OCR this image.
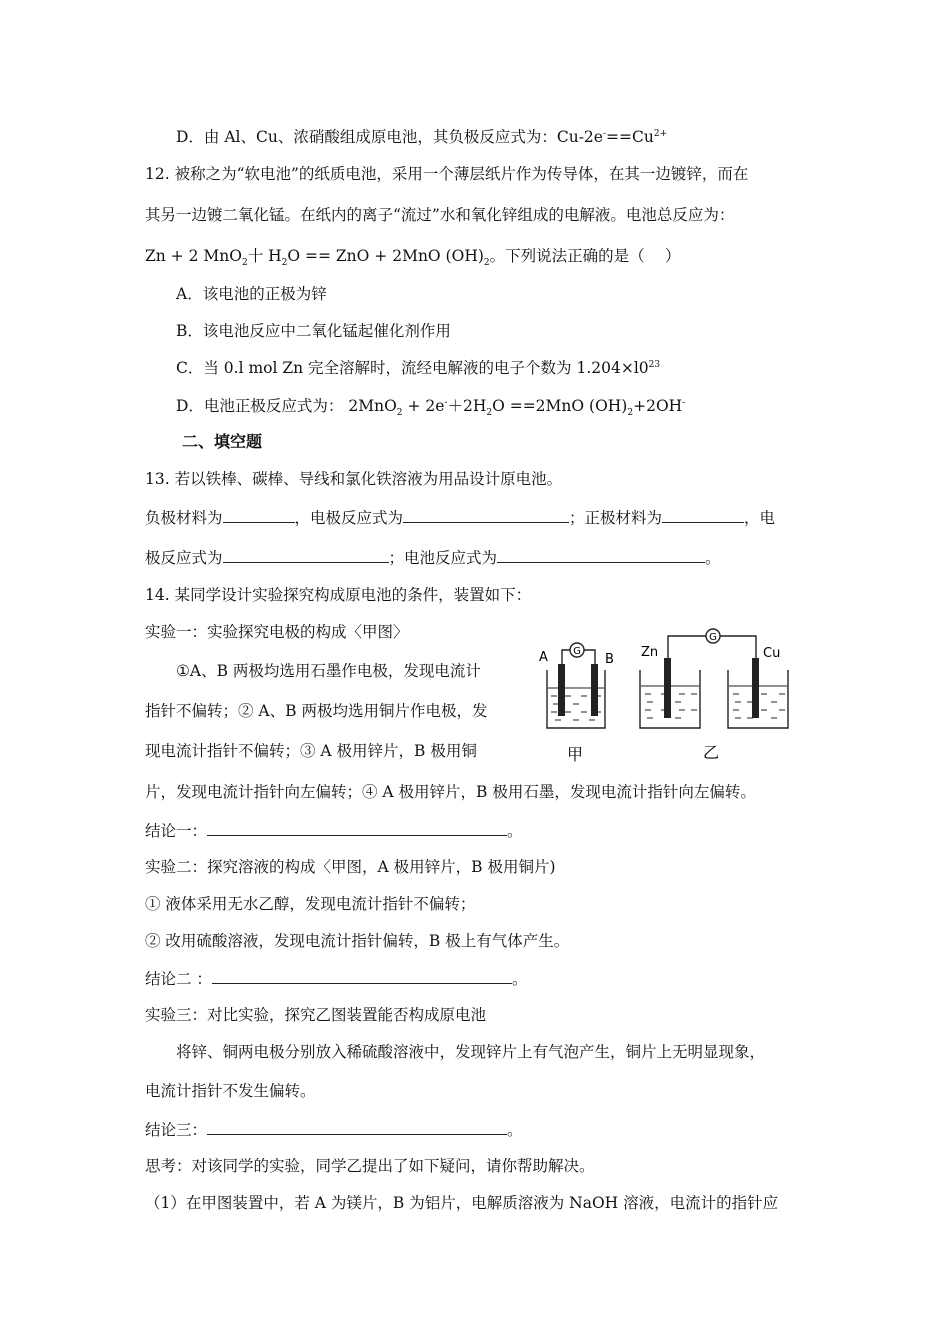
D．由 Al、Cu、浓硝酸组成原电池，其负极反应式为：$Cu-2e^-==Cu^{2+}$
12. 被称之为“软电池”的纸质电池，采用一个薄层纸片作为传导体，在其一边镀锌，而在
其另一边镀二氧化锰。在纸内的离子“流过”水和氧化锌组成的电解液。电池总反应为：
Zn + 2 MnO$_2$十 $H_2O$ == ZnO + 2MnO $(OH)_2$。下列说法正确的是（　 ）
A．该电池的正极为锌
B．该电池反应中二氧化锰起催化剂作用
C．当 0.l mol Zn 完全溶解时，流经电解液的电子个数为 $1.204\times l0^{23}$
D．电池正极反应式为： $2MnO_2 + 2e^-+2H_2O ==2MnO$ $(OH)_2+2OH^-$
二、填空题
13. 若以铁棒、碳棒、导线和氯化铁溶液为用品设计原电池。
负极材料为	，电极反应式为	；正极材料为	，电
极反应式为	；电池反应式为	。
14. 某同学设计实验探究构成原电池的条件，装置如下：
实验一：实验探究电极的构成〈甲图〉
①A、B 两极均选用石墨作电极，发现电流计
指针不偏转；② A、B 两极均选用铜片作电极，发
现电流计指针不偏转；③ A 极用锌片，B 极用铜
片，发现电流计指针向左偏转；④ A 极用锌片，B 极用石墨，发现电流计指针向左偏转。
结论一：	。
实验二：探究溶液的构成〈甲图，A 极用锌片，B 极用铜片)
① 液体采用无水乙醇，发现电流计指针不偏转；
② 改用硫酸溶液，发现电流计指针偏转，B 极上有气体产生。
结论二 ：	。
实验三：对比实验，探究乙图装置能否构成原电池
将锌、铜两电极分别放入稀硫酸溶液中，发现锌片上有气泡产生，铜片上无明显现象，
电流计指针不发生偏转。
结论三：	。
思考：对该同学的实验，同学乙提出了如下疑问，请你帮助解决。
（1）在甲图装置中，若 A 为镁片，B 为铝片，电解质溶液为 NaOH 溶液，电流计的指针应
G
A	B
甲
G
Zn	Cu
乙
